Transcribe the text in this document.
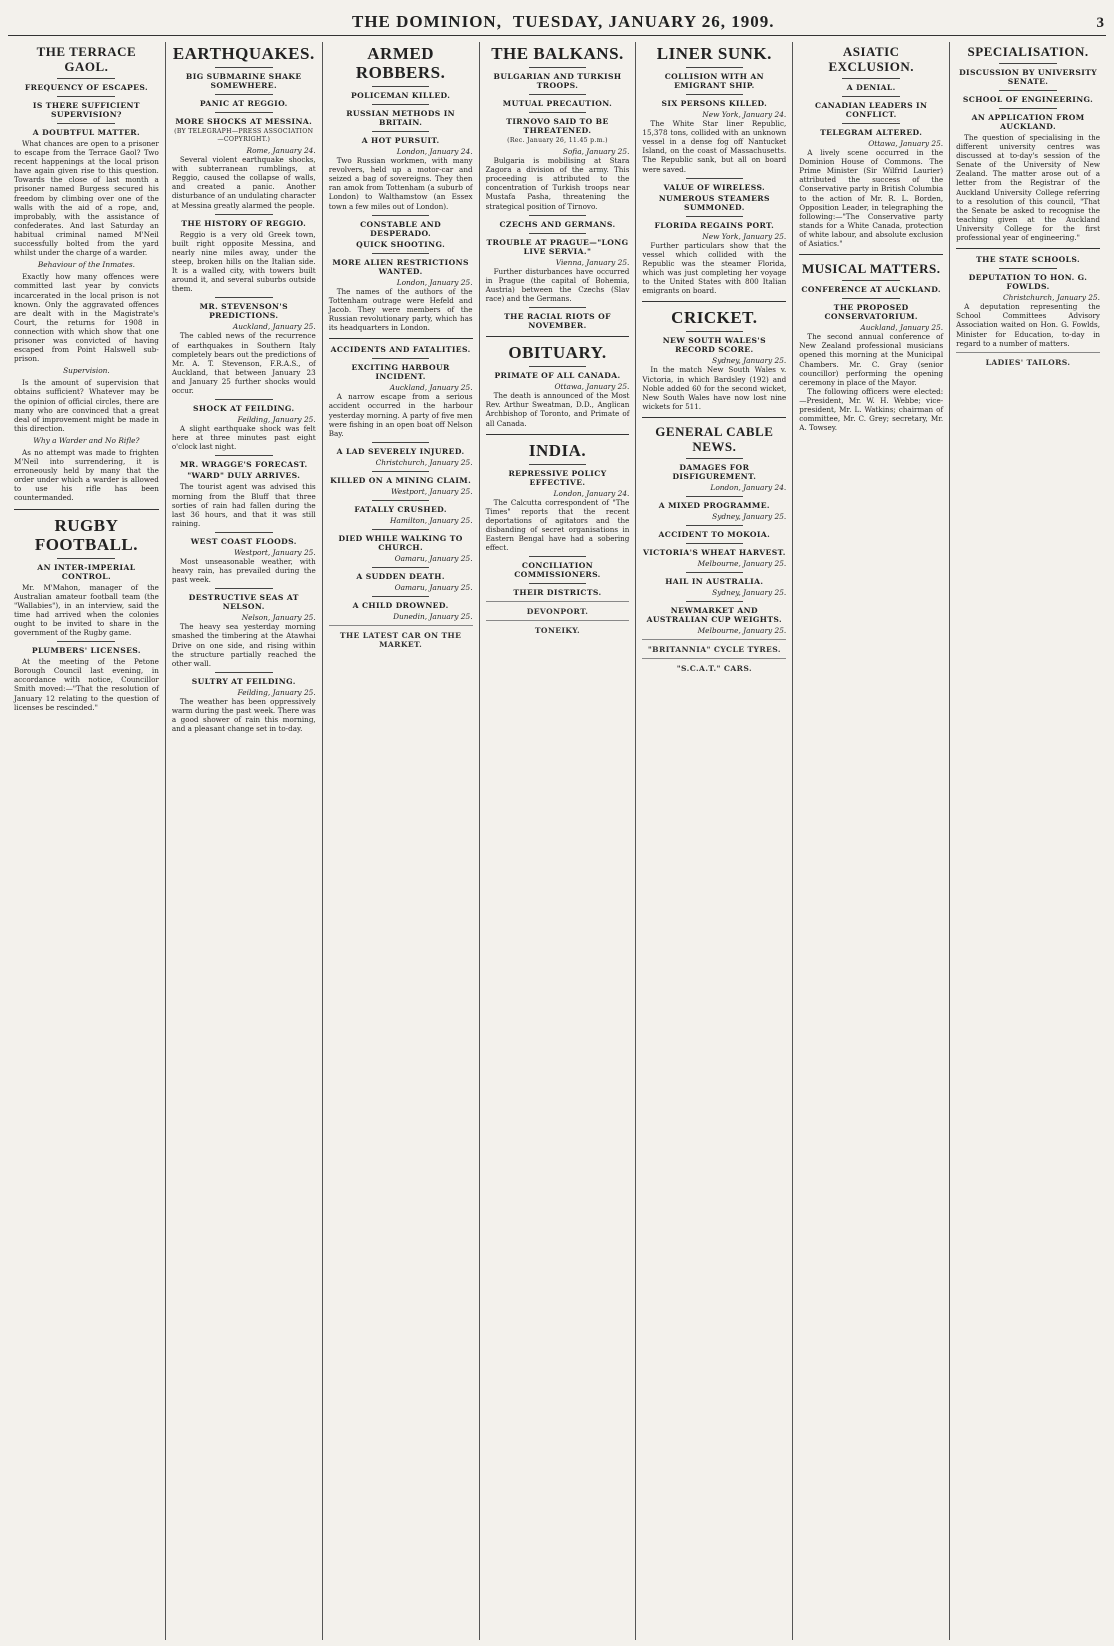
THE DOMINION, TUESDAY, JANUARY 26, 1909.	3
THE TERRACE GAOL.
FREQUENCY OF ESCAPES.
IS THERE SUFFICIENT SUPERVISION?
A DOUBTFUL MATTER.

What chances are open to a prisoner to escape from the Terrace Gaol? Two recent happenings at the local prison have again given rise to this question. Towards the close of last month a prisoner named Burgess secured his freedom by climbing over one of the walls with the aid of a rope, and, improbably, with the assistance of confederates. And last Saturday an habitual criminal named M'Neil successfully bolted from the yard whilst under the charge of a warder.

Behaviour of the Inmates.

Exactly how many offences were committed last year by convicts incarcerated in the local prison is not known. Only the aggravated offences are dealt with in the Magistrate's Court, the returns for 1908 in connection with which show that one prisoner was convicted of having escaped from Point Halswell sub-prison.

Supervision.

Is the amount of supervision that obtains sufficient? Whatever may be the opinion of official circles, there are many who are convinced that a great deal of improvement might be made in this direction.

Why a Warder and No Rifle?

As no attempt was made to frighten M'Neil into surrendering, it is erroneously held by many that the order under which a warder is allowed to use his rifle has been countermanded.

RUGBY FOOTBALL.
AN INTER-IMPERIAL CONTROL.

Mr. M'Mahon, manager of the Australian amateur football team (the "Wallabies"), in an interview, said the time had arrived when the colonies ought to be invited to share in the government of the Rugby game.

PLUMBERS' LICENSES.

At the meeting of the Petone Borough Council last evening, in accordance with notice, Councillor Smith moved:—"That the resolution of January 12 relating to the question of licenses be rescinded."

EARTHQUAKES.
BIG SUBMARINE SHAKE SOMEWHERE.
PANIC AT REGGIO.
MORE SHOCKS AT MESSINA.
(BY TELEGRAPH—PRESS ASSOCIATION—COPYRIGHT.)
Rome, January 24.

Several violent earthquake shocks, with subterranean rumblings, at Reggio, caused the collapse of walls, and created a panic. Another disturbance of an undulating character at Messina greatly alarmed the people.

THE HISTORY OF REGGIO.

Reggio is a very old Greek town, built right opposite Messina, and nearly nine miles away, under the steep, broken hills on the Italian side. It is a walled city, with towers built around it, and several suburbs outside them.

MR. STEVENSON'S PREDICTIONS.
Auckland, January 25.

The cabled news of the recurrence of earthquakes in Southern Italy completely bears out the predictions of Mr. A. T. Stevenson, F.R.A.S., of Auckland, that between January 23 and January 25 further shocks would occur.

SHOCK AT FEILDING.
Feilding, January 25.

A slight earthquake shock was felt here at three minutes past eight o'clock last night.

MR. WRAGGE'S FORECAST.
"WARD" DULY ARRIVES.

The tourist agent was advised this morning from the Bluff that three sorties of rain had fallen during the last 36 hours, and that it was still raining.

WEST COAST FLOODS.
Westport, January 25.

Most unseasonable weather, with heavy rain, has prevailed during the past week.

DESTRUCTIVE SEAS AT NELSON.
Nelson, January 25.

The heavy sea yesterday morning smashed the timbering at the Atawhai Drive on one side, and rising within the structure partially reached the other wall.

SULTRY AT FEILDING.
Feilding, January 25.

The weather has been oppressively warm during the past week. There was a good shower of rain this morning, and a pleasant change set in to-day.

ARMED ROBBERS.
POLICEMAN KILLED.
RUSSIAN METHODS IN BRITAIN.
A HOT PURSUIT.
London, January 24.

Two Russian workmen, with many revolvers, held up a motor-car and seized a bag of sovereigns. They then ran amok from Tottenham (a suburb of London) to Walthamstow (an Essex town a few miles out of London).

CONSTABLE AND DESPERADO.
QUICK SHOOTING.
MORE ALIEN RESTRICTIONS WANTED.
London, January 25.

The names of the authors of the Tottenham outrage were Hefeld and Jacob. They were members of the Russian revolutionary party, which has its headquarters in London.

ACCIDENTS AND FATALITIES.
EXCITING HARBOUR INCIDENT.
Auckland, January 25.

A narrow escape from a serious accident occurred in the harbour yesterday morning. A party of five men were fishing in an open boat off Nelson Bay.

A LAD SEVERELY INJURED.
Christchurch, January 25.
KILLED ON A MINING CLAIM.
Westport, January 25.
FATALLY CRUSHED.
Hamilton, January 25.
DIED WHILE WALKING TO CHURCH.
Oamaru, January 25.
A SUDDEN DEATH.
Oamaru, January 25.
A CHILD DROWNED.
Dunedin, January 25.
THE LATEST CAR ON THE MARKET.
THE BALKANS.
BULGARIAN AND TURKISH TROOPS.
MUTUAL PRECAUTION.
TIRNOVO SAID TO BE THREATENED.
(Rec. January 26, 11.45 p.m.)
Sofia, January 25.

Bulgaria is mobilising at Stara Zagora a division of the army. This proceeding is attributed to the concentration of Turkish troops near Mustafa Pasha, threatening the strategical position of Tirnovo.

CZECHS AND GERMANS.
TROUBLE AT PRAGUE—"LONG LIVE SERVIA."
Vienna, January 25.

Further disturbances have occurred in Prague (the capital of Bohemia, Austria) between the Czechs (Slav race) and the Germans.

THE RACIAL RIOTS OF NOVEMBER.
OBITUARY.
PRIMATE OF ALL CANADA.
Ottawa, January 25.

The death is announced of the Most Rev. Arthur Sweatman, D.D., Anglican Archbishop of Toronto, and Primate of all Canada.

INDIA.
REPRESSIVE POLICY EFFECTIVE.
London, January 24.

The Calcutta correspondent of "The Times" reports that the recent deportations of agitators and the disbanding of secret organisations in Eastern Bengal have had a sobering effect.

CONCILIATION COMMISSIONERS.
THEIR DISTRICTS.
DEVONPORT.
TONEIKY.
LINER SUNK.
COLLISION WITH AN EMIGRANT SHIP.
SIX PERSONS KILLED.
New York, January 24.

The White Star liner Republic, 15,378 tons, collided with an unknown vessel in a dense fog off Nantucket Island, on the coast of Massachusetts. The Republic sank, but all on board were saved.

VALUE OF WIRELESS.
NUMEROUS STEAMERS SUMMONED.
FLORIDA REGAINS PORT.
New York, January 25.

Further particulars show that the vessel which collided with the Republic was the steamer Florida, which was just completing her voyage to the United States with 800 Italian emigrants on board.

CRICKET.
NEW SOUTH WALES'S RECORD SCORE.
Sydney, January 25.

In the match New South Wales v. Victoria, in which Bardsley (192) and Noble added 60 for the second wicket, New South Wales have now lost nine wickets for 511.

GENERAL CABLE NEWS.
DAMAGES FOR DISFIGUREMENT.
London, January 24.
A MIXED PROGRAMME.
Sydney, January 25.
ACCIDENT TO MOKOIA.
VICTORIA'S WHEAT HARVEST.
Melbourne, January 25.
HAIL IN AUSTRALIA.
Sydney, January 25.
NEWMARKET AND AUSTRALIAN CUP WEIGHTS.
Melbourne, January 25.
"BRITANNIA" CYCLE TYRES.
"S.C.A.T." CARS.
ASIATIC EXCLUSION.
A DENIAL.
CANADIAN LEADERS IN CONFLICT.
TELEGRAM ALTERED.
Ottawa, January 25.

A lively scene occurred in the Dominion House of Commons. The Prime Minister (Sir Wilfrid Laurier) attributed the success of the Conservative party in British Columbia to the action of Mr. R. L. Borden, Opposition Leader, in telegraphing the following:—"The Conservative party stands for a White Canada, protection of white labour, and absolute exclusion of Asiatics."

MUSICAL MATTERS.
CONFERENCE AT AUCKLAND.
THE PROPOSED CONSERVATORIUM.
Auckland, January 25.

The second annual conference of New Zealand professional musicians opened this morning at the Municipal Chambers. Mr. C. Gray (senior councillor) performing the opening ceremony in place of the Mayor.

The following officers were elected:—President, Mr. W. H. Webbe; vice-president, Mr. L. Watkins; chairman of committee, Mr. C. Grey; secretary, Mr. A. Towsey.

SPECIALISATION.
DISCUSSION BY UNIVERSITY SENATE.
SCHOOL OF ENGINEERING.
AN APPLICATION FROM AUCKLAND.

The question of specialising in the different university centres was discussed at to-day's session of the Senate of the University of New Zealand. The matter arose out of a letter from the Registrar of the Auckland University College referring to a resolution of this council, "That the Senate be asked to recognise the teaching given at the Auckland University College for the first professional year of engineering."

THE STATE SCHOOLS.
DEPUTATION TO HON. G. FOWLDS.
Christchurch, January 25.

A deputation representing the School Committees Advisory Association waited on Hon. G. Fowlds, Minister for Education, to-day in regard to a number of matters.

LADIES' TAILORS.
